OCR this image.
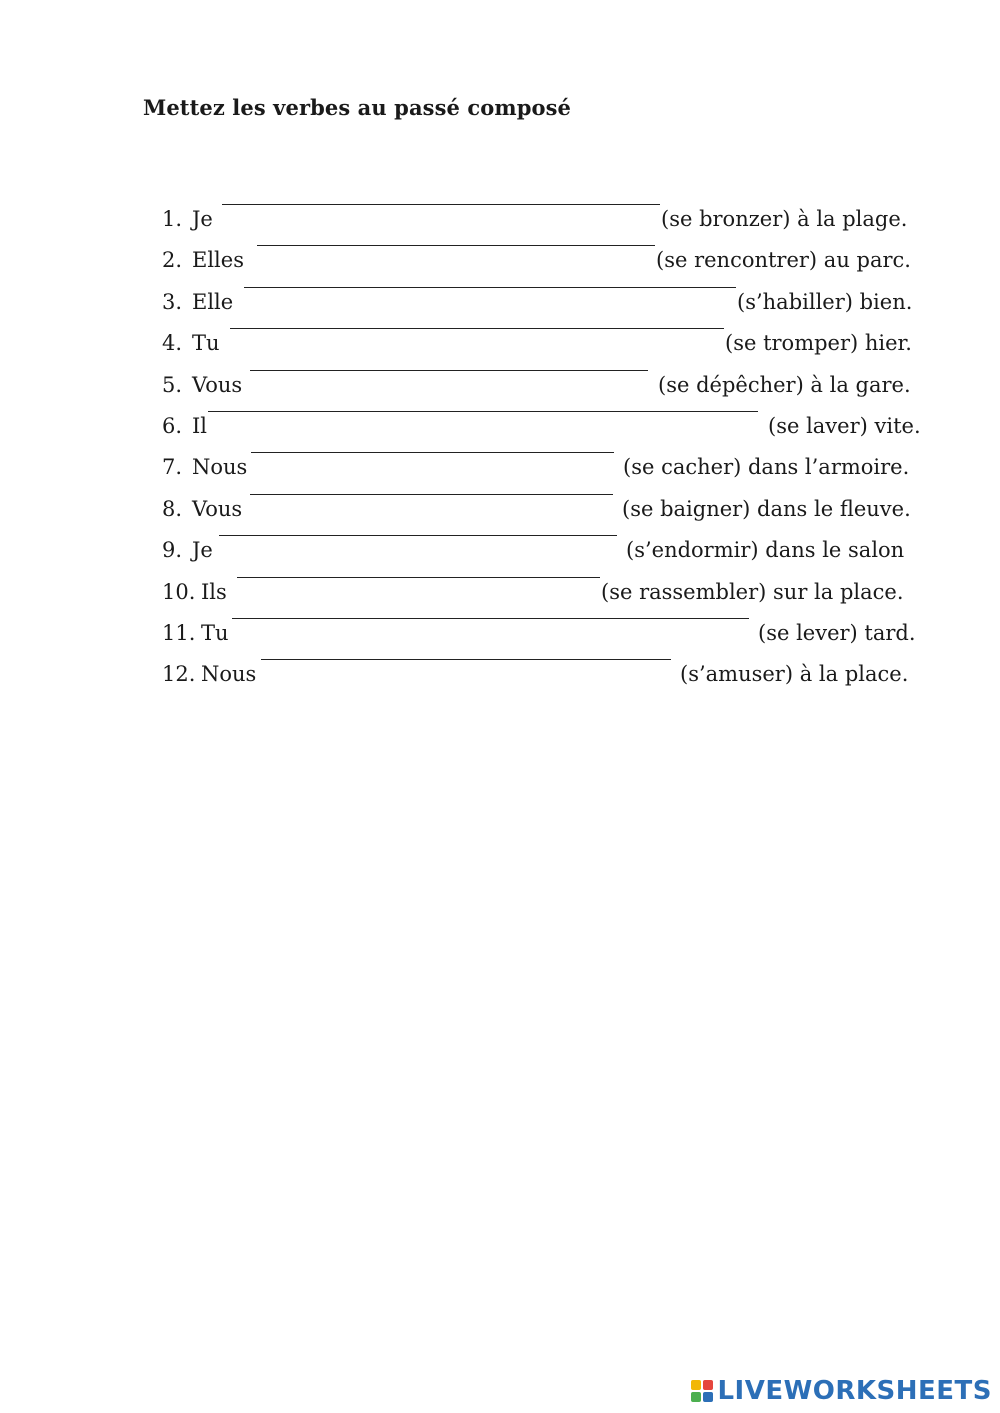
Mettez les verbes au passé composé
1. Je	(se bronzer) à la plage.
2. Elles	(se rencontrer) au parc.
3. Elle	(s’habiller) bien.
4. Tu	(se tromper) hier.
5. Vous	(se dépêcher) à la gare.
6. Il	(se laver) vite.
7. Nous	(se cacher) dans l’armoire.
8. Vous	(se baigner) dans le fleuve.
9. Je	(s’endormir) dans le salon
10. Ils	(se rassembler) sur la place.
11. Tu	(se lever) tard.
12. Nous	(s’amuser) à la place.
LIVEWORKSHEETS
